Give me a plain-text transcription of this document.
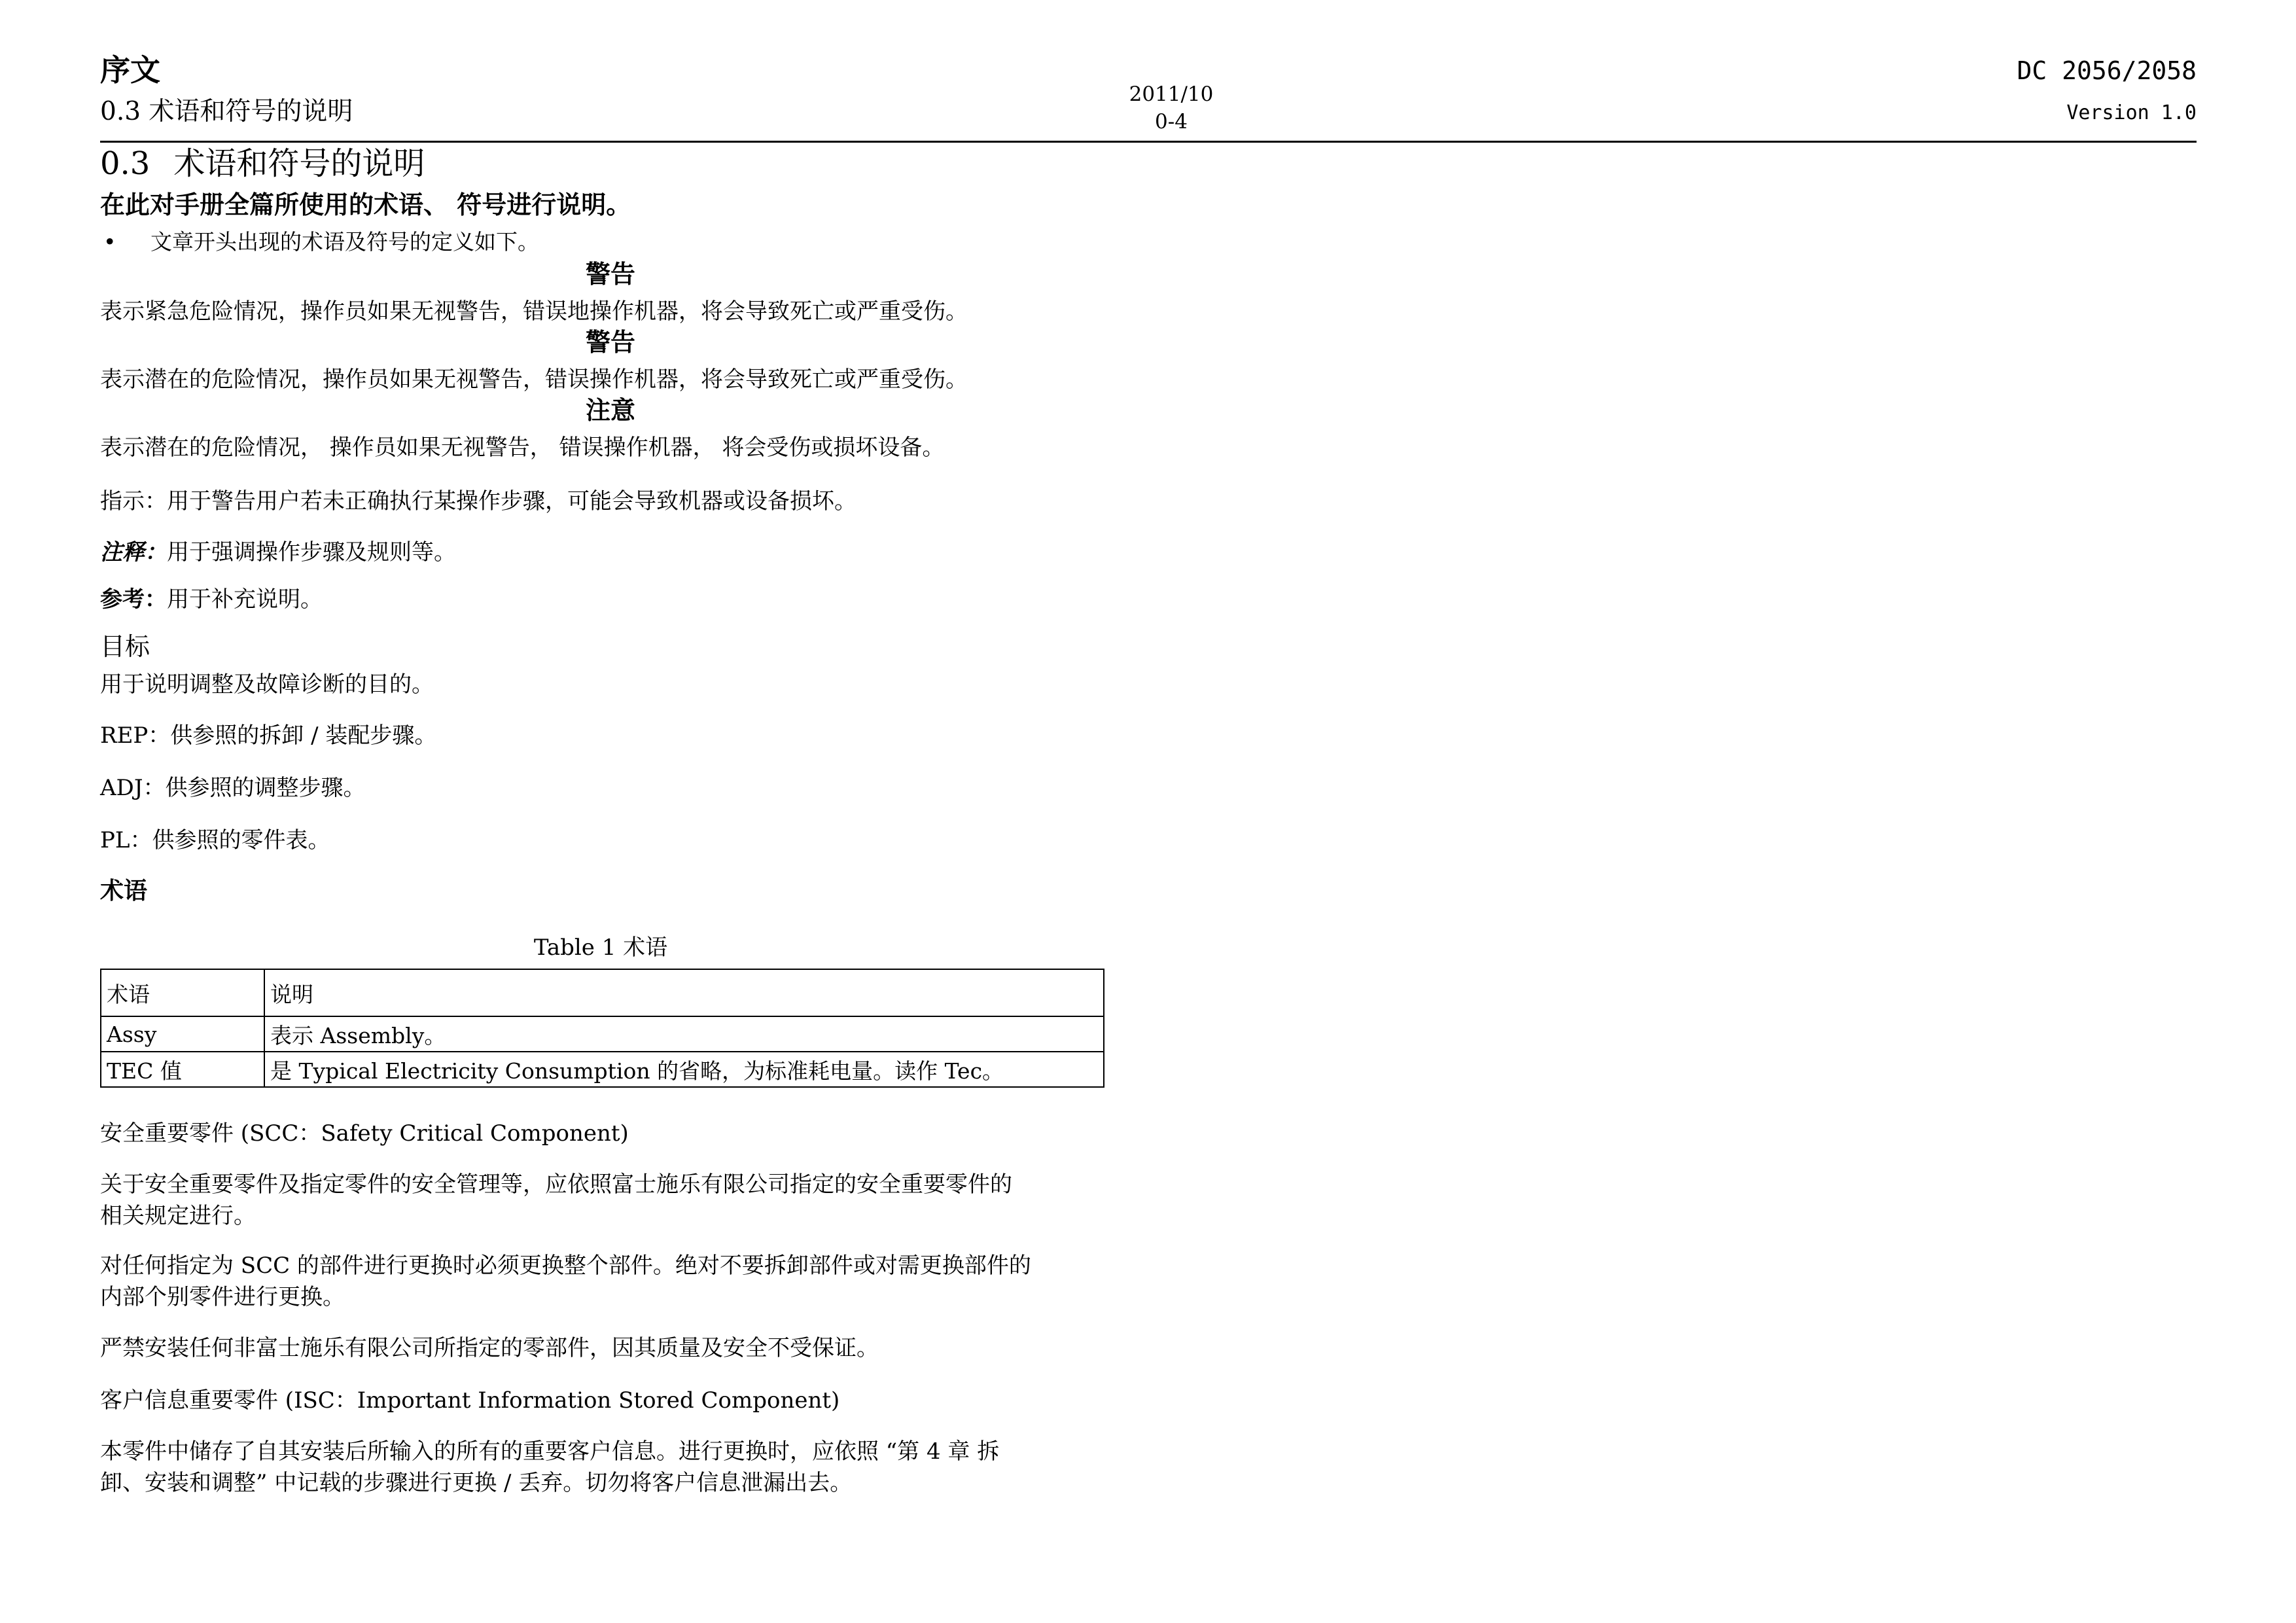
序文
0.3 术语和符号的说明
2011/10
0-4
DC 2056/2058
Version 1.0
0.3 术语和符号的说明
在此对手册全篇所使用的术语、 符号进行说明。
• 文章开头出现的术语及符号的定义如下。
警告
表示紧急危险情况，操作员如果无视警告，错误地操作机器，将会导致死亡或严重受伤。
警告
表示潜在的危险情况，操作员如果无视警告，错误操作机器，将会导致死亡或严重受伤。
注意
表示潜在的危险情况， 操作员如果无视警告， 错误操作机器， 将会受伤或损坏设备。
指示：用于警告用户若未正确执行某操作步骤，可能会导致机器或设备损坏。
注释：用于强调操作步骤及规则等。
参考：用于补充说明。
目标
用于说明调整及故障诊断的目的。
REP：供参照的拆卸 / 装配步骤。
ADJ：供参照的调整步骤。
PL：供参照的零件表。
术语
Table 1 术语
术语	说明
Assy	表示 Assembly。
TEC 值	是 Typical Electricity Consumption 的省略，为标准耗电量。读作 Tec。
安全重要零件 (SCC：Safety Critical Component)
关于安全重要零件及指定零件的安全管理等，应依照富士施乐有限公司指定的安全重要零件的
相关规定进行。
对任何指定为 SCC 的部件进行更换时必须更换整个部件。绝对不要拆卸部件或对需更换部件的
内部个别零件进行更换。
严禁安装任何非富士施乐有限公司所指定的零部件，因其质量及安全不受保证。
客户信息重要零件 (ISC：Important Information Stored Component)
本零件中储存了自其安装后所输入的所有的重要客户信息。进行更换时，应依照 “第 4 章 拆
卸、安装和调整” 中记载的步骤进行更换 / 丢弃。切勿将客户信息泄漏出去。
